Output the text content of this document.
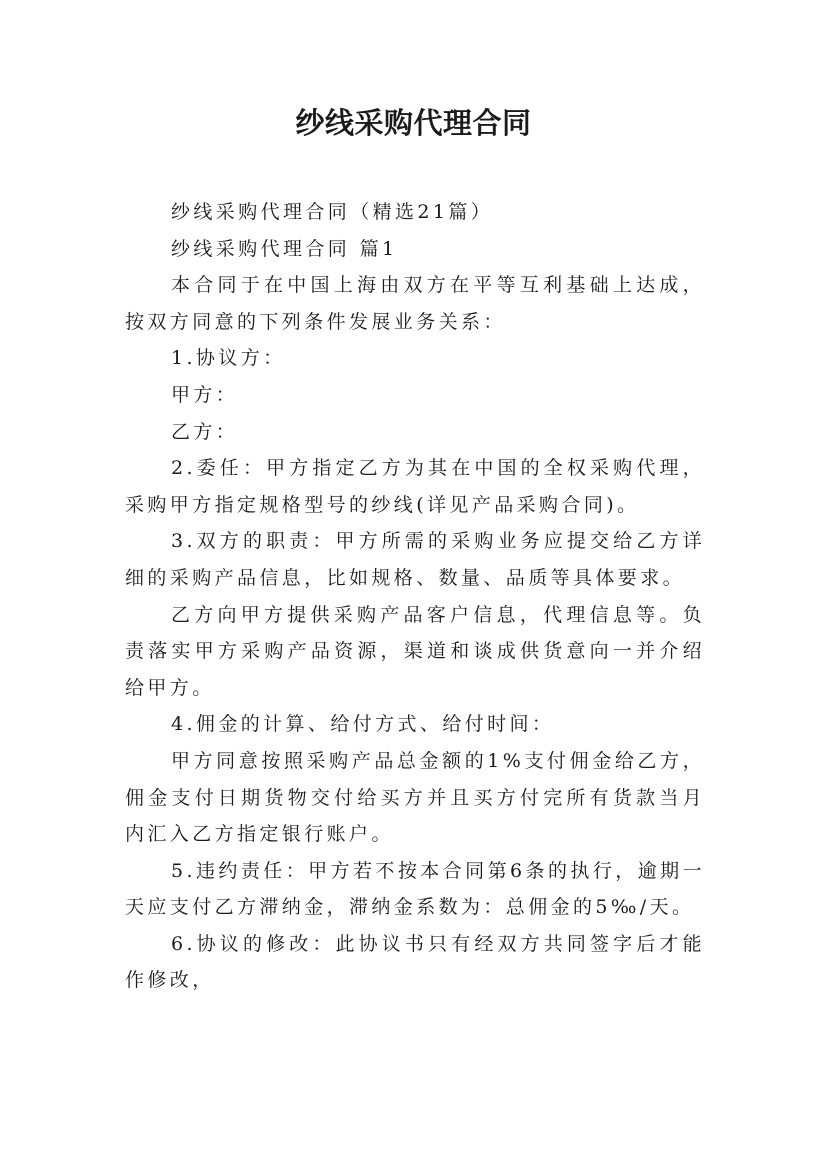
纱线采购代理合同

纱线采购代理合同（精选21篇）

纱线采购代理合同 篇1

本合同于在中国上海由双方在平等互利基础上达成，按双方同意的下列条件发展业务关系：

1.协议方：

甲方：

乙方：

2.委任：甲方指定乙方为其在中国的全权采购代理，采购甲方指定规格型号的纱线(详见产品采购合同)。

3.双方的职责：甲方所需的采购业务应提交给乙方详细的采购产品信息，比如规格、数量、品质等具体要求。

乙方向甲方提供采购产品客户信息，代理信息等。负责落实甲方采购产品资源，渠道和谈成供货意向一并介绍给甲方。

4.佣金的计算、给付方式、给付时间：

甲方同意按照采购产品总金额的1%支付佣金给乙方，佣金支付日期货物交付给买方并且买方付完所有货款当月内汇入乙方指定银行账户。

5.违约责任：甲方若不按本合同第6条的执行，逾期一天应支付乙方滞纳金，滞纳金系数为：总佣金的5‰/天。

6.协议的修改：此协议书只有经双方共同签字后才能作修改，
